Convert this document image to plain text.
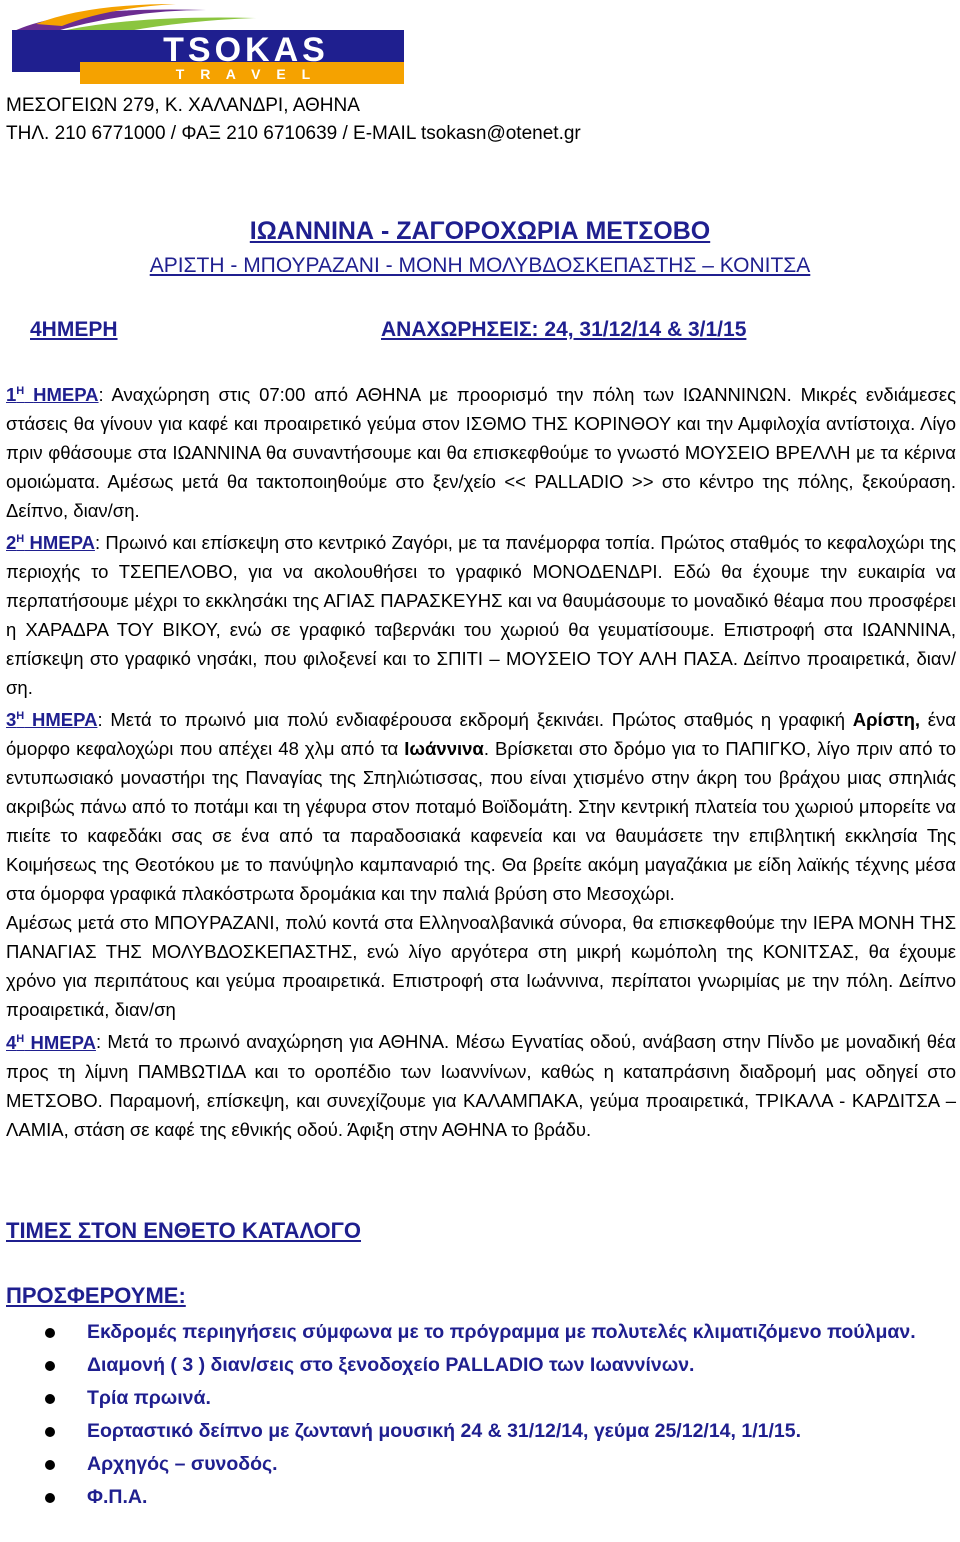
TSOKAS
T R A V E L
ΜΕΣΟΓΕΙΩΝ 279, Κ. ΧΑΛΑΝΔΡΙ, ΑΘΗΝΑ
ΤΗΛ. 210 6771000 / ΦΑΞ 210 6710639 / E-MAIL tsokasn@otenet.gr
ΙΩΑΝΝΙΝΑ - ΖΑΓΟΡΟΧΩΡΙΑ ΜΕΤΣΟΒΟ
ΑΡΙΣΤΗ - ΜΠΟΥΡΑΖΑΝΙ - ΜΟΝΗ ΜΟΛΥΒΔΟΣΚΕΠΑΣΤΗΣ – ΚΟΝΙΤΣΑ
4ΗΜΕΡΗ	ΑΝΑΧΩΡΗΣΕΙΣ: 24, 31/12/14 & 3/1/15

$1^H$ ΗΜΕΡΑ: Αναχώρηση στις 07:00 από ΑΘΗΝΑ με προορισμό την πόλη των ΙΩΑΝΝΙΝΩΝ. Μικρές ενδιάμεσες στάσεις θα γίνουν για καφέ και προαιρετικό γεύμα στον ΙΣΘΜΟ ΤΗΣ ΚΟΡΙΝΘΟΥ και την Αμφιλοχία αντίστοιχα. Λίγο πριν φθάσουμε στα ΙΩΑΝΝΙΝΑ θα συναντήσουμε και θα επισκεφθούμε το γνωστό ΜΟΥΣΕΙΟ ΒΡΕΛΛΗ με τα κέρινα ομοιώματα. Αμέσως μετά θα τακτοποιηθούμε στο ξεν/χείο << PALLADIO >> στο κέντρο της πόλης, ξεκούραση. Δείπνο, διαν/ση.

$2^H$ ΗΜΕΡΑ: Πρωινό και επίσκεψη στο κεντρικό Ζαγόρι, με τα πανέμορφα τοπία. Πρώτος σταθμός το κεφαλοχώρι της περιοχής το ΤΣΕΠΕΛΟΒΟ, για να ακολουθήσει το γραφικό ΜΟΝΟΔΕΝΔΡΙ. Εδώ θα έχουμε την ευκαιρία να περπατήσουμε μέχρι το εκκλησάκι της ΑΓΙΑΣ ΠΑΡΑΣΚΕΥΗΣ και να θαυμάσουμε το μοναδικό θέαμα που προσφέρει η ΧΑΡΑΔΡΑ ΤΟΥ ΒΙΚΟΥ, ενώ σε γραφικό ταβερνάκι του χωριού θα γευματίσουμε. Επιστροφή στα ΙΩΑΝΝΙΝΑ, επίσκεψη στο γραφικό νησάκι, που φιλοξενεί και το ΣΠΙΤΙ – ΜΟΥΣΕΙΟ ΤΟΥ ΑΛΗ ΠΑΣΑ. Δείπνο προαιρετικά, διαν/ση.

$3^H$ ΗΜΕΡΑ: Μετά το πρωινό μια πολύ ενδιαφέρουσα εκδρομή ξεκινάει. Πρώτος σταθμός η γραφική Αρίστη, ένα όμορφο κεφαλοχώρι που απέχει 48 χλμ από τα Ιωάννινα. Βρίσκεται στο δρόμο για το ΠΑΠΙΓΚΟ, λίγο πριν από το εντυπωσιακό μοναστήρι της Παναγίας της Σπηλιώτισσας, που είναι χτισμένο στην άκρη του βράχου μιας σπηλιάς ακριβώς πάνω από το ποτάμι και τη γέφυρα στον ποταμό Βοϊδομάτη. Στην κεντρική πλατεία του χωριού μπορείτε να πιείτε το καφεδάκι σας σε ένα από τα παραδοσιακά καφενεία και να θαυμάσετε την επιβλητική εκκλησία Της Κοιμήσεως της Θεοτόκου με το πανύψηλο καμπαναριό της. Θα βρείτε ακόμη μαγαζάκια με είδη λαϊκής τέχνης μέσα στα όμορφα γραφικά πλακόστρωτα δρομάκια και την παλιά βρύση στο Μεσοχώρι.

Αμέσως μετά στο ΜΠΟΥΡΑΖΑΝΙ, πολύ κοντά στα Ελληνοαλβανικά σύνορα, θα επισκεφθούμε την ΙΕΡΑ ΜΟΝΗ ΤΗΣ ΠΑΝΑΓΙΑΣ ΤΗΣ ΜΟΛΥΒΔΟΣΚΕΠΑΣΤΗΣ, ενώ λίγο αργότερα στη μικρή κωμόπολη της ΚΟΝΙΤΣΑΣ, θα έχουμε χρόνο για περιπάτους και γεύμα προαιρετικά. Επιστροφή στα Ιωάννινα, περίπατοι γνωριμίας με την πόλη. Δείπνο προαιρετικά, διαν/ση

$4^H$ ΗΜΕΡΑ: Μετά το πρωινό αναχώρηση για ΑΘΗΝΑ. Μέσω Εγνατίας οδού, ανάβαση στην Πίνδο με μοναδική θέα προς τη λίμνη ΠΑΜΒΩΤΙΔΑ και το οροπέδιο των Ιωαννίνων, καθώς η καταπράσινη διαδρομή μας οδηγεί στο ΜΕΤΣΟΒΟ. Παραμονή, επίσκεψη, και συνεχίζουμε για ΚΑΛΑΜΠΑΚΑ, γεύμα προαιρετικά, ΤΡΙΚΑΛΑ - ΚΑΡΔΙΤΣΑ – ΛΑΜΙΑ, στάση σε καφέ της εθνικής οδού. Άφιξη στην ΑΘΗΝΑ το βράδυ.

ΤΙΜΕΣ ΣΤΟΝ ΕΝΘΕΤΟ ΚΑΤΑΛΟΓΟ
ΠΡΟΣΦΕΡΟΥΜΕ:
Εκδρομές περιηγήσεις σύμφωνα με το πρόγραμμα με πολυτελές κλιματιζόμενο πούλμαν.
Διαμονή ( 3 ) διαν/σεις στο ξενοδοχείο PALLADIO των Ιωαννίνων.
Τρία πρωινά.
Εορταστικό δείπνο με ζωντανή μουσική 24 & 31/12/14, γεύμα 25/12/14, 1/1/15.
Αρχηγός – συνοδός.
Φ.Π.Α.
